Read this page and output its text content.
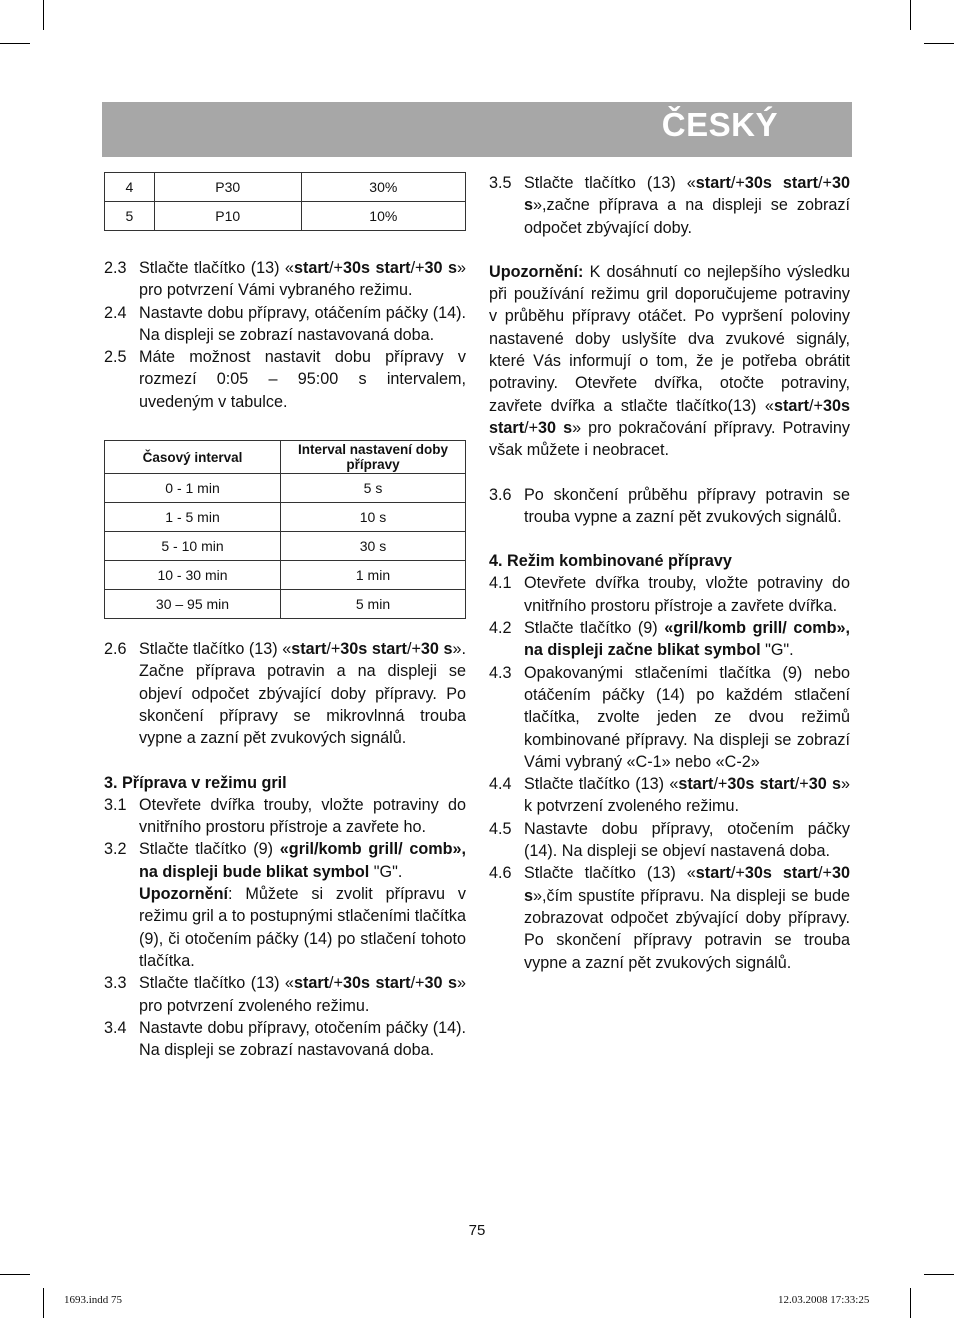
ČESKÝ
4	P30	30%
5	P10	10%
2.3 Stlačte tlačítko (13) «start/+30s start/+30 s» pro potvrzení Vámi vybraného režimu.
2.4 Nastavte dobu přípravy, otáčením páčky (14). Na displeji se zobrazí nastavovaná doba.
2.5 Máte možnost nastavit dobu přípravy v rozmezí 0:05 – 95:00 s intervalem, uvedeným v tabulce.
Časový interval	Interval nastavení doby přípravy
0 - 1 min	5 s
1 - 5 min	10 s
5 - 10 min	30 s
10 - 30 min	1 min
30 – 95 min	5 min
2.6 Stlačte tlačítko (13) «start/+30s start/+30 s». Začne příprava potravin a na displeji se objeví odpočet zbývající doby přípravy. Po skončení přípravy se mikrovlnná trouba vypne a zazní pět zvukových signálů.
3. Příprava v režimu gril
3.1 Otevřete dvířka trouby, vložte potraviny do vnitřního prostoru přístroje a zavřete ho.
3.2 Stlačte tlačítko (9) «gril/komb grill/ comb», na displeji bude blikat symbol "G".
Upozornění: Můžete si zvolit přípravu v režimu gril a to postupnými stlačeními tlačítka (9), či otočením páčky (14) po stlačení tohoto tlačítka.
3.3 Stlačte tlačítko (13) «start/+30s start/+30 s» pro potvrzení zvoleného režimu.
3.4 Nastavte dobu přípravy, otočením páčky (14). Na displeji se zobrazí nastavovaná doba.
3.5 Stlačte tlačítko (13) «start/+30s start/+30 s»,začne příprava a na displeji se zobrazí odpočet zbývající doby.

Upozornění: K dosáhnutí co nejlepšího výsledku při používání režimu gril doporučujeme potraviny v průběhu přípravy otáčet. Po vypršení poloviny nastavené doby uslyšíte dva zvukové signály, které Vás informují o tom, že je potřeba obrátit potraviny. Otevřete dvířka, otočte potraviny, zavřete dvířka a stlačte tlačítko(13) «start/+30s start/+30 s» pro pokračování přípravy. Potraviny však můžete i neobracet.

3.6 Po skončení průběhu přípravy potravin se trouba vypne a zazní pět zvukových signálů.
4. Režim kombinované přípravy
4.1 Otevřete dvířka trouby, vložte potraviny do vnitřního prostoru přístroje a zavřete dvířka.
4.2 Stlačte tlačítko (9) «gril/komb grill/ comb», na displeji začne blikat symbol "G".
4.3 Opakovanými stlačeními tlačítka (9) nebo otáčením páčky (14) po každém stlačení tlačítka, zvolte jeden ze dvou režimů kombinované přípravy. Na displeji se zobrazí Vámi vybraný «C-1» nebo «C-2»
4.4 Stlačte tlačítko (13) «start/+30s start/+30 s» k potvrzení zvoleného režimu.
4.5 Nastavte dobu přípravy, otočením páčky (14). Na displeji se objeví nastavená doba.
4.6 Stlačte tlačítko (13) «start/+30s start/+30 s»,čím spustíte přípravu. Na displeji se bude zobrazovat odpočet zbývající doby přípravy. Po skončení přípravy potravin se trouba vypne a zazní pět zvukových signálů.
75
1693.indd 75	12.03.2008 17:33:25
